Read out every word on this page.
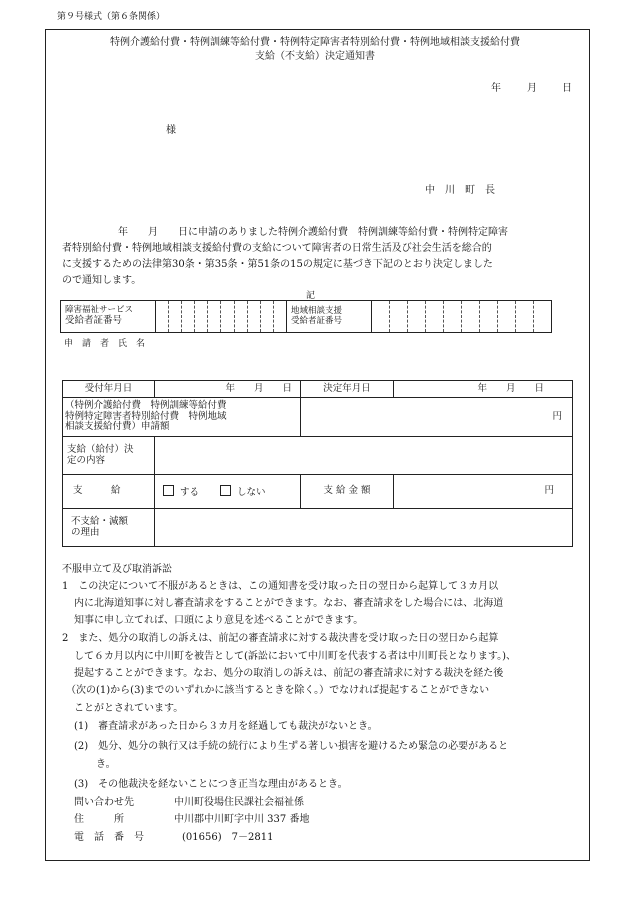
第９号様式（第６条関係）
特例介護給付費・特例訓練等給付費・特例特定障害者特別給付費・特例地域相談支援給付費
支給（不支給）決定通知書
年	月	日
様
中　川　町　長
年　　月　　日に申請のありました特例介護給付費　特例訓練等給付費・特例特定障害
者特別給付費・特例地域相談支援給付費の支給について障害者の日常生活及び社会生活を総合的
に支援するための法律第30条・第35条・第51条の15の規定に基づき下記のとおり決定しました
ので通知します。
記
障害福祉サービス
受給者証番号

地域相談支援
受給者証番号

申　請　者　氏　名
受付年月日	年　　月　　日	決定年月日	年　　月　　日

（特例介護給付費　特例訓練等給付費
特例特定障害者特別給付費　特例地域
相談支援給付費）申請額		円	

支給（給付）決
定の内容			

支　　　給	する しない	支 給 金 額	円

不支給・減額
の理由			

不服申立て及び取消訴訟
1　この決定について不服があるときは、この通知書を受け取った日の翌日から起算して３カ月以
内に北海道知事に対し審査請求をすることができます。なお、審査請求をした場合には、北海道
知事に申し立てれば、口頭により意見を述べることができます。
2　また、処分の取消しの訴えは、前記の審査請求に対する裁決書を受け取った日の翌日から起算
して６カ月以内に中川町を被告として(訴訟において中川町を代表する者は中川町長となります。)、
提起することができます。なお、処分の取消しの訴えは、前記の審査請求に対する裁決を経た後
（次の(1)から(3)までのいずれかに該当するときを除く。）でなければ提起することができない
ことがとされています。
(1)　審査請求があった日から３カ月を経過しても裁決がないとき。
(2)　処分、処分の執行又は手続の続行により生ずる著しい損害を避けるため緊急の必要があると
き。
(3)　その他裁決を経ないことにつき正当な理由があるとき。
問い合わせ先	中川町役場住民課社会福祉係
住　　　所	中川郡中川町字中川 337 番地
電　話　番　号	(01656)　7－2811
